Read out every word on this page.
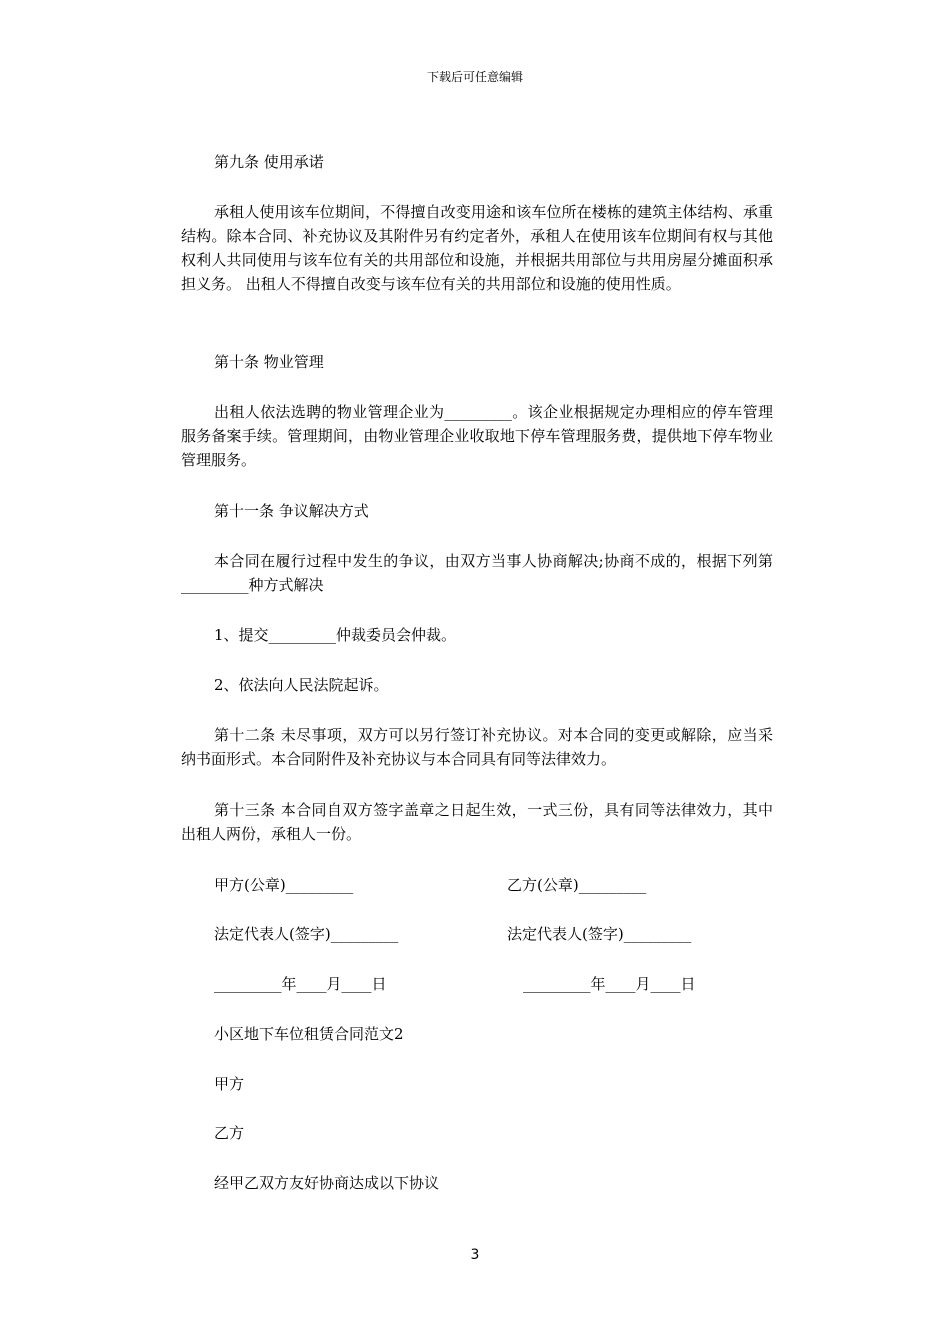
下载后可任意编辑
第九条 使用承诺
承租人使用该车位期间，不得擅自改变用途和该车位所在楼栋的建筑主体结构、承重结构。除本合同、补充协议及其附件另有约定者外，承租人在使用该车位期间有权与其他权利人共同使用与该车位有关的共用部位和设施，并根据共用部位与共用房屋分摊面积承担义务。 出租人不得擅自改变与该车位有关的共用部位和设施的使用性质。
第十条 物业管理
出租人依法选聘的物业管理企业为_________。该企业根据规定办理相应的停车管理服务备案手续。管理期间，由物业管理企业收取地下停车管理服务费，提供地下停车物业管理服务。
第十一条 争议解决方式
本合同在履行过程中发生的争议，由双方当事人协商解决;协商不成的，根据下列第_________种方式解决
1、提交_________仲裁委员会仲裁。
2、依法向人民法院起诉。
第十二条 未尽事项，双方可以另行签订补充协议。对本合同的变更或解除，应当采纳书面形式。本合同附件及补充协议与本合同具有同等法律效力。
第十三条 本合同自双方签字盖章之日起生效，一式三份，具有同等法律效力，其中出租人两份，承租人一份。
甲方(公章)_________	乙方(公章)_________
法定代表人(签字)_________	法定代表人(签字)_________
_________年____月____日	_________年____月____日
小区地下车位租赁合同范文2
甲方
乙方
经甲乙双方友好协商达成以下协议
3
